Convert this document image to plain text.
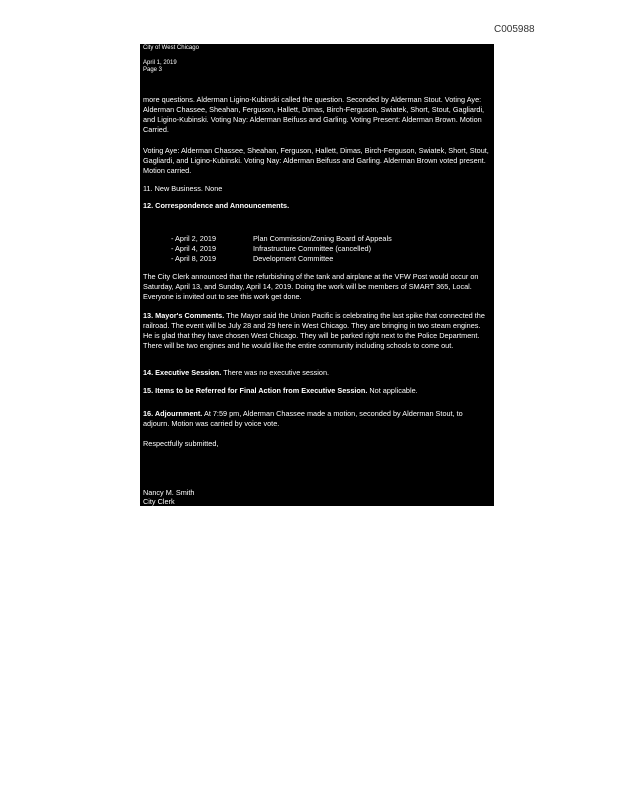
C005988
City of West Chicago
April 1, 2019
Page 3

more questions. Alderman Ligino-Kubinski called the question. Seconded by Alderman Stout. Voting Aye: Alderman Chassee, Sheahan, Ferguson, Hallett, Dimas, Birch-Ferguson, Swiatek, Short, Stout, Gagliardi, and Ligino-Kubinski. Voting Nay: Alderman Beifuss and Garling. Voting Present: Alderman Brown. Motion Carried.

Voting Aye: Alderman Chassee, Sheahan, Ferguson, Hallett, Dimas, Birch-Ferguson, Swiatek, Short, Stout, Gagliardi, and Ligino-Kubinski. Voting Nay: Alderman Beifuss and Garling. Alderman Brown voted present. Motion carried.

11. New Business. None

12. Correspondence and Announcements.

- April 2, 2019	Plan Commission/Zoning Board of Appeals
- April 4, 2019	Infrastructure Committee (cancelled)
- April 8, 2019	Development Committee

The City Clerk announced that the refurbishing of the tank and airplane at the VFW Post would occur on Saturday, April 13, and Sunday, April 14, 2019. Doing the work will be members of SMART 365, Local. Everyone is invited out to see this work get done.

13. Mayor's Comments. The Mayor said the Union Pacific is celebrating the last spike that connected the railroad. The event will be July 28 and 29 here in West Chicago. They are bringing in two steam engines. He is glad that they have chosen West Chicago. They will be parked right next to the Police Department. There will be two engines and he would like the entire community including schools to come out.

14. Executive Session. There was no executive session.

15. Items to be Referred for Final Action from Executive Session. Not applicable.

16. Adjournment. At 7:59 pm, Alderman Chassee made a motion, seconded by Alderman Stout, to adjourn. Motion was carried by voice vote.

Respectfully submitted,

Nancy M. Smith

City Clerk
